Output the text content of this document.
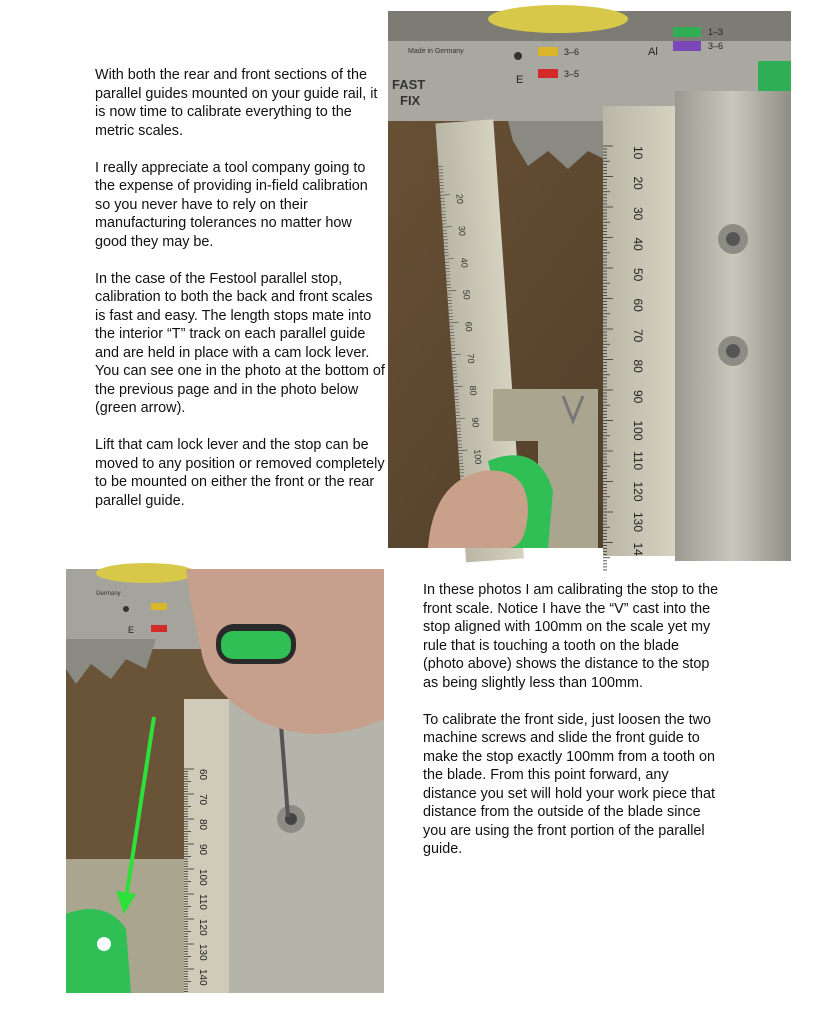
With both the rear and front sections of the parallel guides mounted on your guide rail, it is now time to calibrate everything to the metric scales.

I really appreciate a tool company going to the expense of providing in-field calibration so you never have to rely on their manufacturing tolerances no matter how good they may be.

In the case of the Festool parallel stop, calibration to both the back and front scales is fast and easy. The length stops mate into the interior “T” track on each parallel guide and are held in place with a cam lock lever. You can see one in the photo at the bottom of the previous page and in the photo below (green arrow).

Lift that cam lock lever and the stop can be moved to any position or removed completely to be mounted on either the front or the rear parallel guide.

In these photos I am calibrating the stop to the front scale. Notice I have the “V” cast into the stop aligned with 100mm on the scale yet my rule that is touching a tooth on the blade (photo above) shows the distance to the stop as being slightly less than 100mm.

To calibrate the front side, just loosen the two machine screws and slide the front guide to make the stop exactly 100mm from a tooth on the blade. From this point forward, any distance you set will hold your work piece that distance from the outside of the blade since you are using the front portion of the parallel guide.

Made in Germany	3–6
3–5
E
1–3
3–6
Al
FAST
FIX
100
90
80
70
60
50
40
30
20
10
20
30
40
50
60
70
80
90
100
110
120
130
14
Germany
E
60
70
80
90
100
110
120
130
140
